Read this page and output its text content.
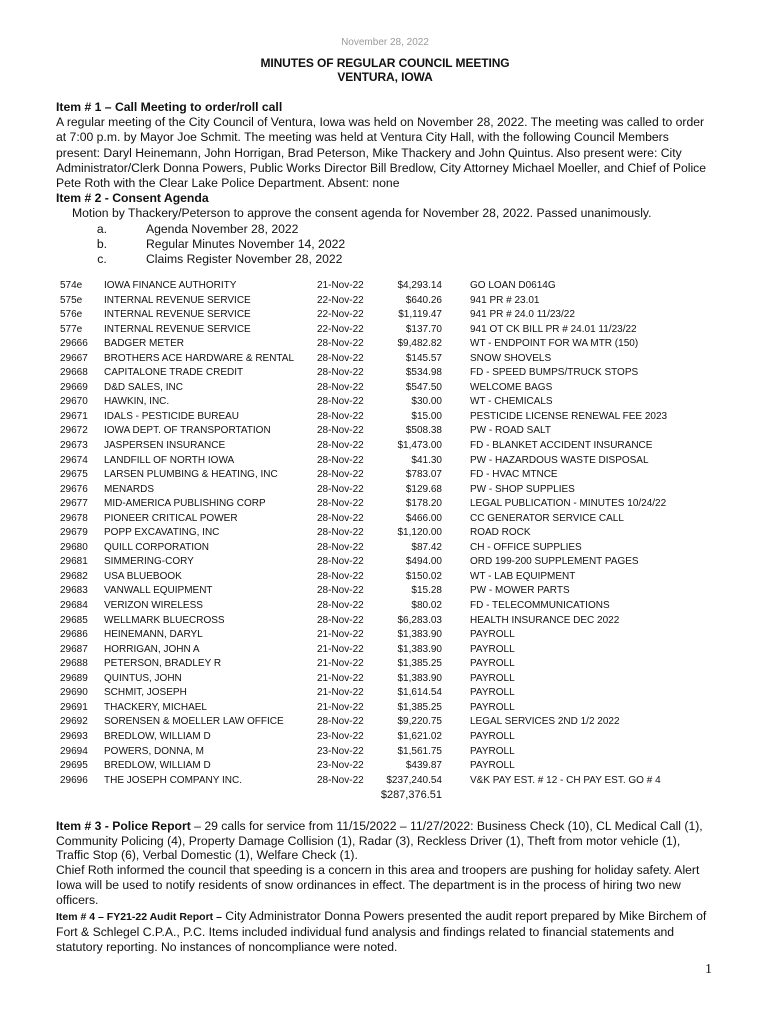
November 28, 2022
MINUTES OF REGULAR COUNCIL MEETING
VENTURA, IOWA
Item # 1 – Call Meeting to order/roll call
A regular meeting of the City Council of Ventura, Iowa was held on November 28, 2022. The meeting was called to order at 7:00 p.m. by Mayor Joe Schmit. The meeting was held at Ventura City Hall, with the following Council Members present: Daryl Heinemann, John Horrigan, Brad Peterson, Mike Thackery and John Quintus. Also present were: City Administrator/Clerk Donna Powers, Public Works Director Bill Bredlow, City Attorney Michael Moeller, and Chief of Police Pete Roth with the Clear Lake Police Department. Absent: none
Item # 2 - Consent Agenda
Motion by Thackery/Peterson to approve the consent agenda for November 28, 2022. Passed unanimously.
a.	Agenda November 28, 2022
b.	Regular Minutes November 14, 2022
c.	Claims Register November 28, 2022
574e IOWA FINANCE AUTHORITY	21-Nov-22	$4,293.14	GO LOAN D0614G
575e INTERNAL REVENUE SERVICE	22-Nov-22	$640.26	941 PR # 23.01
576e INTERNAL REVENUE SERVICE	22-Nov-22	$1,119.47	941 PR # 24.0 11/23/22
577e INTERNAL REVENUE SERVICE	22-Nov-22	$137.70	941 OT CK BILL PR # 24.01 11/23/22
29666 BADGER METER	28-Nov-22	$9,482.82	WT - ENDPOINT FOR WA MTR (150)
29667 BROTHERS ACE HARDWARE & RENTAL 28-Nov-22	$145.57	SNOW SHOVELS
29668 CAPITALONE TRADE CREDIT	28-Nov-22	$534.98	FD - SPEED BUMPS/TRUCK STOPS
29669 D&D SALES, INC	28-Nov-22	$547.50	WELCOME BAGS
29670 HAWKIN, INC.	28-Nov-22	$30.00	WT - CHEMICALS
29671 IDALS - PESTICIDE BUREAU	28-Nov-22	$15.00	PESTICIDE LICENSE RENEWAL FEE 2023
29672 IOWA DEPT. OF TRANSPORTATION	28-Nov-22	$508.38	PW - ROAD SALT
29673 JASPERSEN INSURANCE	28-Nov-22	$1,473.00	FD - BLANKET ACCIDENT INSURANCE
29674 LANDFILL OF NORTH IOWA	28-Nov-22	$41.30	PW - HAZARDOUS WASTE DISPOSAL
29675 LARSEN PLUMBING & HEATING, INC	28-Nov-22	$783.07	FD - HVAC MTNCE
29676 MENARDS	28-Nov-22	$129.68	PW - SHOP SUPPLIES
29677 MID-AMERICA PUBLISHING CORP	28-Nov-22	$178.20	LEGAL PUBLICATION - MINUTES 10/24/22
29678 PIONEER CRITICAL POWER	28-Nov-22	$466.00	CC GENERATOR SERVICE CALL
29679 POPP EXCAVATING, INC	28-Nov-22	$1,120.00	ROAD ROCK
29680 QUILL CORPORATION	28-Nov-22	$87.42	CH - OFFICE SUPPLIES
29681 SIMMERING-CORY	28-Nov-22	$494.00	ORD 199-200 SUPPLEMENT PAGES
29682 USA BLUEBOOK	28-Nov-22	$150.02	WT - LAB EQUIPMENT
29683 VANWALL EQUIPMENT	28-Nov-22	$15.28	PW - MOWER PARTS
29684 VERIZON WIRELESS	28-Nov-22	$80.02	FD - TELECOMMUNICATIONS
29685 WELLMARK BLUECROSS	28-Nov-22	$6,283.03	HEALTH INSURANCE DEC 2022
29686 HEINEMANN, DARYL	21-Nov-22	$1,383.90	PAYROLL
29687 HORRIGAN, JOHN A	21-Nov-22	$1,383.90	PAYROLL
29688 PETERSON, BRADLEY R	21-Nov-22	$1,385.25	PAYROLL
29689 QUINTUS, JOHN	21-Nov-22	$1,383.90	PAYROLL
29690 SCHMIT, JOSEPH	21-Nov-22	$1,614.54	PAYROLL
29691 THACKERY, MICHAEL	21-Nov-22	$1,385.25	PAYROLL
29692 SORENSEN & MOELLER LAW OFFICE	28-Nov-22	$9,220.75	LEGAL SERVICES 2ND 1/2 2022
29693 BREDLOW, WILLIAM D	23-Nov-22	$1,621.02	PAYROLL
29694 POWERS, DONNA, M	23-Nov-22	$1,561.75	PAYROLL
29695 BREDLOW, WILLIAM D	23-Nov-22	$439.87	PAYROLL
29696 THE JOSEPH COMPANY INC.	28-Nov-22	$237,240.54	V&K PAY EST. # 12 - CH PAY EST. GO # 4
$287,376.51
Item # 3 - Police Report – 29 calls for service from 11/15/2022 – 11/27/2022: Business Check (10), CL Medical Call (1), Community Policing (4), Property Damage Collision (1), Radar (3), Reckless Driver (1), Theft from motor vehicle (1), Traffic Stop (6), Verbal Domestic (1), Welfare Check (1).
Chief Roth informed the council that speeding is a concern in this area and troopers are pushing for holiday safety. Alert Iowa will be used to notify residents of snow ordinances in effect. The department is in the process of hiring two new officers.
Item # 4 – FY21-22 Audit Report – City Administrator Donna Powers presented the audit report prepared by Mike Birchem of Fort & Schlegel C.P.A., P.C. Items included individual fund analysis and findings related to financial statements and statutory reporting. No instances of noncompliance were noted.
1
